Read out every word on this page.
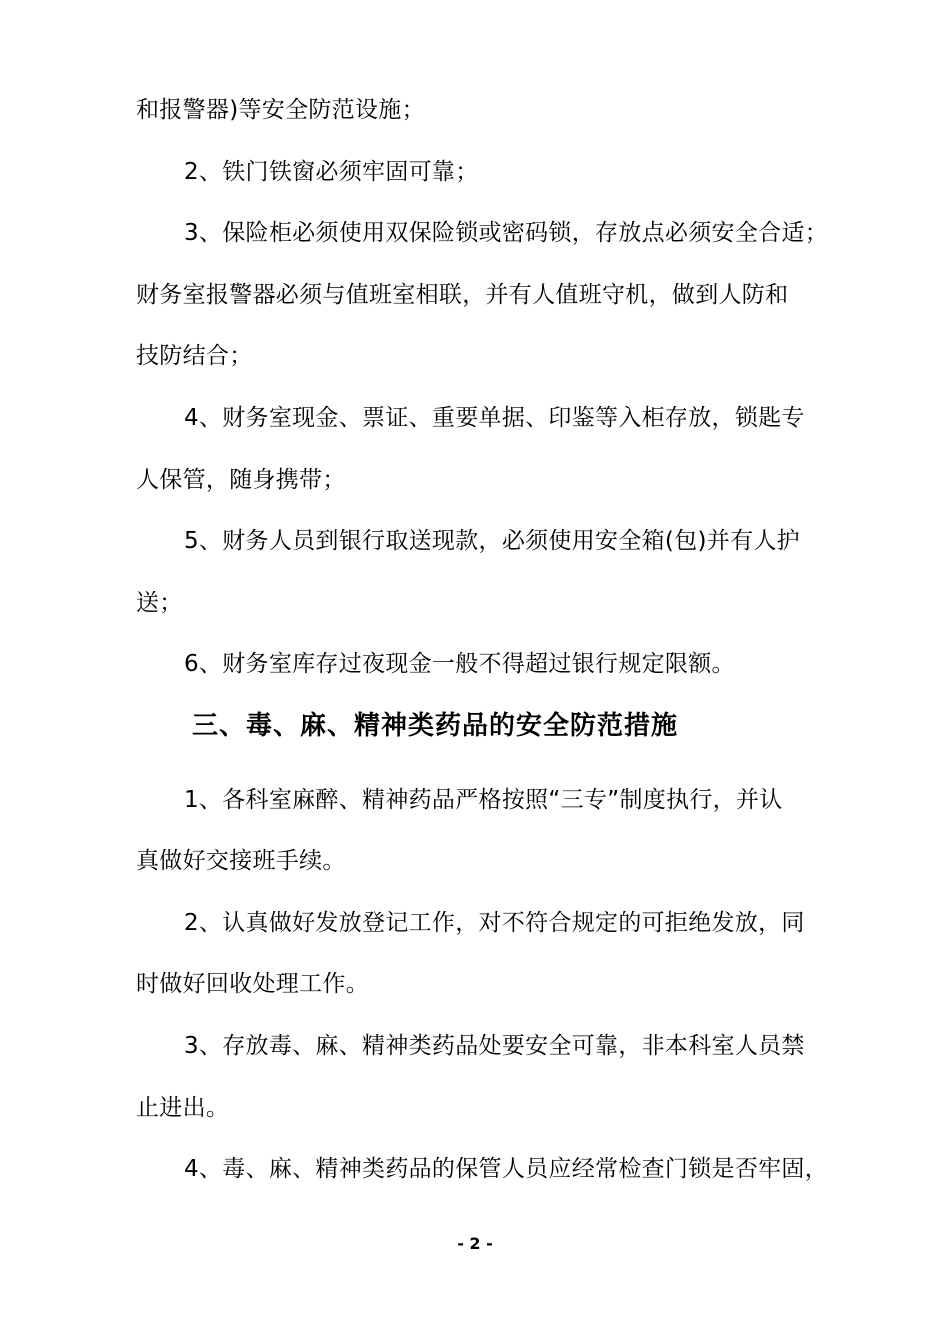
和报警器)等安全防范设施；
2、铁门铁窗必须牢固可靠；
3、保险柜必须使用双保险锁或密码锁，存放点必须安全合适；
财务室报警器必须与值班室相联，并有人值班守机，做到人防和
技防结合；
4、财务室现金、票证、重要单据、印鉴等入柜存放，锁匙专
人保管，随身携带；
5、财务人员到银行取送现款，必须使用安全箱(包)并有人护
送；
6、财务室库存过夜现金一般不得超过银行规定限额。
三、毒、麻、精神类药品的安全防范措施
1、各科室麻醉、精神药品严格按照“三专”制度执行，并认
真做好交接班手续。
2、认真做好发放登记工作，对不符合规定的可拒绝发放，同
时做好回收处理工作。
3、存放毒、麻、精神类药品处要安全可靠，非本科室人员禁
止进出。
4、毒、麻、精神类药品的保管人员应经常检查门锁是否牢固，
- 2 -
